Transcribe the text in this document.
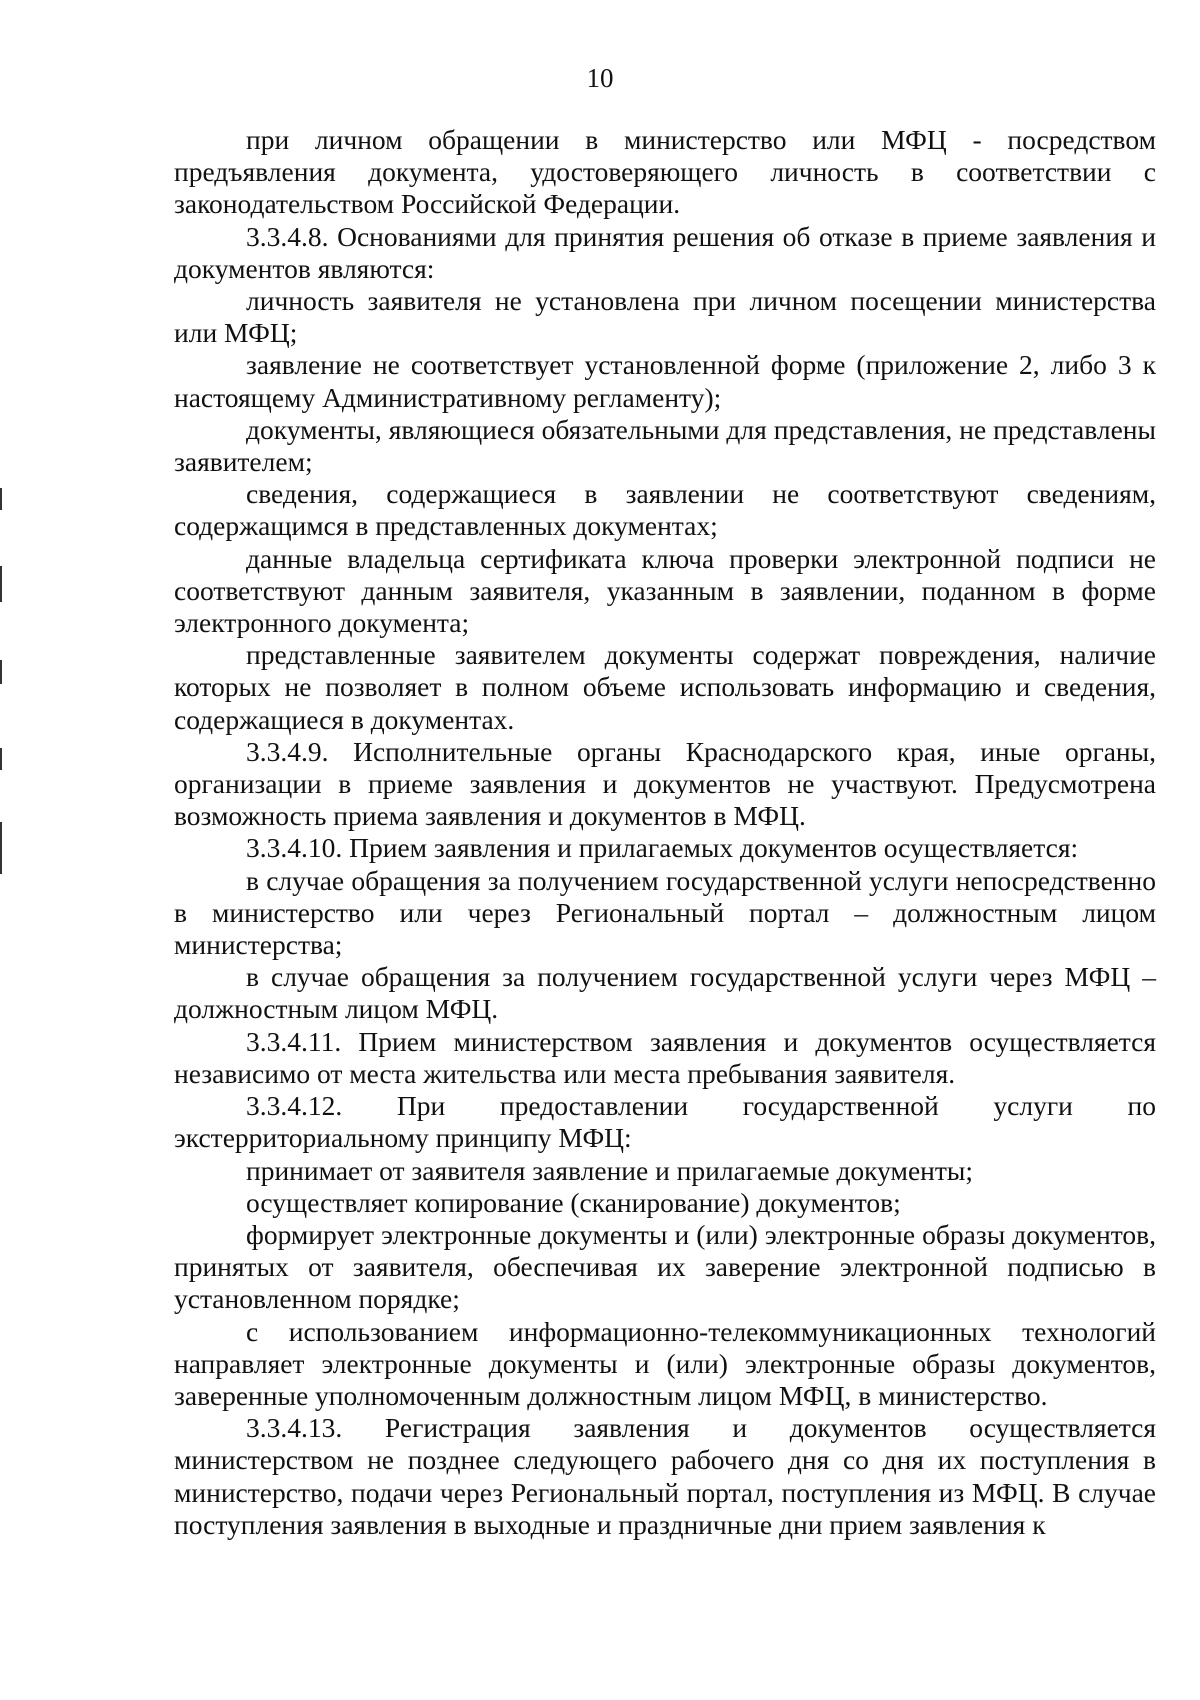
10

при личном обращении в министерство или МФЦ - посредством предъявления документа, удостоверяющего личность в соответствии с законодательством Российской Федерации.

3.3.4.8. Основаниями для принятия решения об отказе в приеме заявления и документов являются:

личность заявителя не установлена при личном посещении министерства или МФЦ;

заявление не соответствует установленной форме (приложение 2, либо 3 к настоящему Административному регламенту);

документы, являющиеся обязательными для представления, не представлены заявителем;

сведения, содержащиеся в заявлении не соответствуют сведениям, содержащимся в представленных документах;

данные владельца сертификата ключа проверки электронной подписи не соответствуют данным заявителя, указанным в заявлении, поданном в форме электронного документа;

представленные заявителем документы содержат повреждения, наличие которых не позволяет в полном объеме использовать информацию и сведения, содержащиеся в документах.

3.3.4.9. Исполнительные органы Краснодарского края, иные органы, организации в приеме заявления и документов не участвуют. Предусмотрена возможность приема заявления и документов в МФЦ.

3.3.4.10. Прием заявления и прилагаемых документов осуществляется:

в случае обращения за получением государственной услуги непосредственно в министерство или через Региональный портал – должностным лицом министерства;

в случае обращения за получением государственной услуги через МФЦ – должностным лицом МФЦ.

3.3.4.11. Прием министерством заявления и документов осуществляется независимо от места жительства или места пребывания заявителя.

3.3.4.12. При предоставлении государственной услуги по экстерриториальному принципу МФЦ:

принимает от заявителя заявление и прилагаемые документы;

осуществляет копирование (сканирование) документов;

формирует электронные документы и (или) электронные образы документов, принятых от заявителя, обеспечивая их заверение электронной подписью в установленном порядке;

с использованием информационно-телекоммуникационных технологий направляет электронные документы и (или) электронные образы документов, заверенные уполномоченным должностным лицом МФЦ, в министерство.

3.3.4.13. Регистрация заявления и документов осуществляется министерством не позднее следующего рабочего дня со дня их поступления в министерство, подачи через Региональный портал, поступления из МФЦ. В случае поступления заявления в выходные и праздничные дни прием заявления к
